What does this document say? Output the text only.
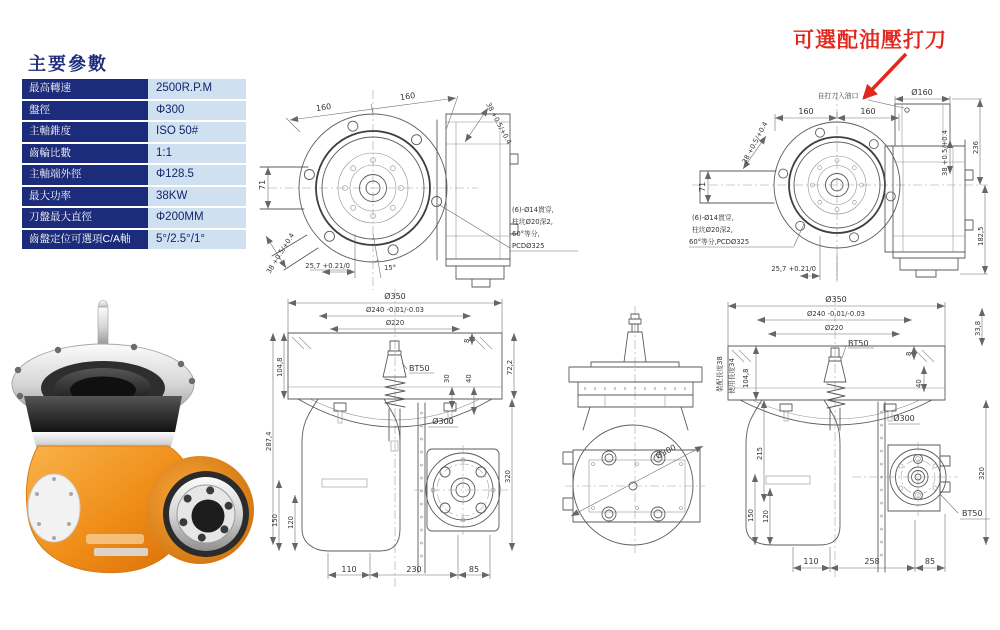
主要參數
最高轉速	2500R.P.M
盤徑	Φ300
主軸錐度	ISO 50#
齒輪比數	1:1
主軸端外徑	Φ128.5
最大功率	38KW
刀盤最大直徑	Φ200MM
齒盤定位可選項C/A軸	5°/2.5°/1°
可選配油壓打刀
160
160
38 +0.5/+0.4
71
38 +0.5/+0.4 25,7 +0.21/0	15°
(6)-Ø14貫穿,
柱坑Ø20深2,
60°等分,
PCDØ325
自打刀入油口	Ø160
160	160
38 +0.5/+0.4
71
38 +0.5/+0.4	236
182,5
(6)-Ø14貫穿,
柱坑Ø20深2,
60°等分,PCDØ325
25,7 +0.21/0
Ø350
Ø240 -0.01/-0.03
Ø220
BT50
8
72,2
30 40
Ø300
320
104,8
287,4
150 120
110	230	85
Ø300
Ø350
Ø240 -0.01/-0.03
Ø220
BT50
33,8
8
40
裝配長度38 使用長度34 104,8
215
150 120
Ø300
320
BT50
110	258	85
